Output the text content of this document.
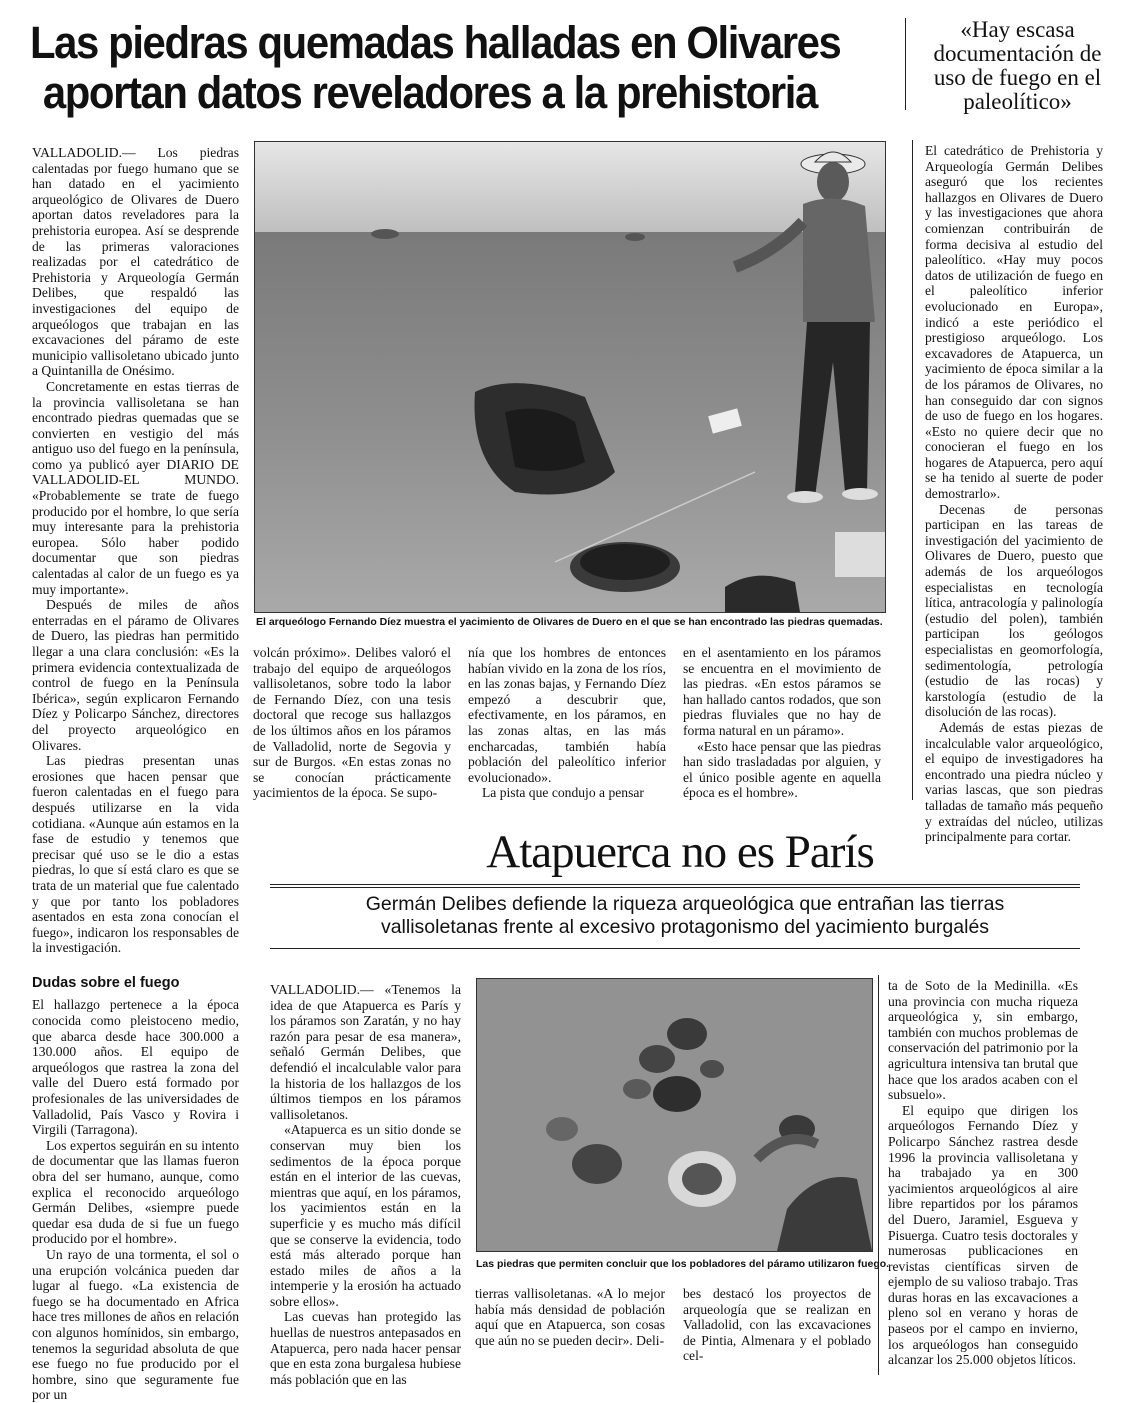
Las piedras quemadas halladas en Olivares
aportan datos reveladores a la prehistoria
«Hay escasa documentación de uso de fuego en el paleolítico»

El catedrático de Prehistoria y Arqueología Germán Delibes aseguró que los recientes hallazgos en Olivares de Duero y las investigaciones que ahora comienzan contribuirán de forma decisiva al estudio del paleolítico. «Hay muy pocos datos de utilización de fuego en el paleolítico inferior evolucionado en Europa», indicó a este periódico el prestigioso arqueólogo. Los excavadores de Atapuerca, un yacimiento de época similar a la de los páramos de Olivares, no han conseguido dar con signos de uso de fuego en los hogares. «Esto no quiere decir que no conocieran el fuego en los hogares de Atapuerca, pero aquí se ha tenido al suerte de poder demostrarlo».

Decenas de personas participan en las tareas de investigación del yacimiento de Olivares de Duero, puesto que además de los arqueólogos especialistas en tecnología lítica, antracología y palinología (estudio del polen), también participan los geólogos especialistas en geomorfología, sedimentología, petrología (estudio de las rocas) y karstología (estudio de la disolución de las rocas).

Además de estas piezas de incalculable valor arqueológico, el equipo de investigadores ha encontrado una piedra núcleo y varias lascas, que son piedras talladas de tamaño más pequeño y extraídas del núcleo, utilizas principalmente para cortar.

VALLADOLID.— Los piedras calentadas por fuego humano que se han datado en el yacimiento arqueológico de Olivares de Duero aportan datos reveladores para la prehistoria europea. Así se desprende de las primeras valoraciones realizadas por el catedrático de Prehistoria y Arqueología Germán Delibes, que respaldó las investigaciones del equipo de arqueólogos que trabajan en las excavaciones del páramo de este municipio vallisoletano ubicado junto a Quintanilla de Onésimo.

Concretamente en estas tierras de la provincia vallisoletana se han encontrado piedras quemadas que se convierten en vestigio del más antiguo uso del fuego en la península, como ya publicó ayer DIARIO DE VALLADOLID-EL MUNDO. «Probablemente se trate de fuego producido por el hombre, lo que sería muy interesante para la prehistoria europea. Sólo haber podido documentar que son piedras calentadas al calor de un fuego es ya muy importante».

Después de miles de años enterradas en el páramo de Olivares de Duero, las piedras han permitido llegar a una clara conclusión: «Es la primera evidencia contextualizada de control de fuego en la Península Ibérica», según explicaron Fernando Díez y Policarpo Sánchez, directores del proyecto arqueológico en Olivares.

Las piedras presentan unas erosiones que hacen pensar que fueron calentadas en el fuego para después utilizarse en la vida cotidiana. «Aunque aún estamos en la fase de estudio y tenemos que precisar qué uso se le dio a estas piedras, lo que sí está claro es que se trata de un material que fue calentado y que por tanto los pobladores asentados en esta zona conocían el fuego», indicaron los responsables de la investigación.

Dudas sobre el fuego

El hallazgo pertenece a la época conocida como pleistoceno medio, que abarca desde hace 300.000 a 130.000 años. El equipo de arqueólogos que rastrea la zona del valle del Duero está formado por profesionales de las universidades de Valladolid, País Vasco y Rovira i Virgili (Tarragona).

Los expertos seguirán en su intento de documentar que las llamas fueron obra del ser humano, aunque, como explica el reconocido arqueólogo Germán Delibes, «siempre puede quedar esa duda de si fue un fuego producido por el hombre».

Un rayo de una tormenta, el sol o una erupción volcánica pueden dar lugar al fuego. «La existencia de fuego se ha documentado en Africa hace tres millones de años en relación con algunos homínidos, sin embargo, tenemos la seguridad absoluta de que ese fuego no fue producido por el hombre, sino que seguramente fue por un

El arqueólogo Fernando Díez muestra el yacimiento de Olivares de Duero en el que se han encontrado las piedras quemadas.

volcán próximo». Delibes valoró el trabajo del equipo de arqueólogos vallisoletanos, sobre todo la labor de Fernando Díez, con una tesis doctoral que recoge sus hallazgos de los últimos años en los páramos de Valladolid, norte de Segovia y sur de Burgos. «En estas zonas no se conocían prácticamente yacimientos de la época. Se supo-

nía que los hombres de entonces habían vivido en la zona de los ríos, en las zonas bajas, y Fernando Díez empezó a descubrir que, efectivamente, en los páramos, en las zonas altas, en las más encharcadas, también había población del paleolítico inferior evolucionado».

La pista que condujo a pensar

en el asentamiento en los páramos se encuentra en el movimiento de las piedras. «En estos páramos se han hallado cantos rodados, que son piedras fluviales que no hay de forma natural en un páramo».

«Esto hace pensar que las piedras han sido trasladadas por alguien, y el único posible agente en aquella época es el hombre».

Atapuerca no es París
Germán Delibes defiende la riqueza arqueológica que entrañan las tierras
vallisoletanas frente al excesivo protagonismo del yacimiento burgalés

VALLADOLID.— «Tenemos la idea de que Atapuerca es París y los páramos son Zaratán, y no hay razón para pesar de esa manera», señaló Germán Delibes, que defendió el incalculable valor para la historia de los hallazgos de los últimos tiempos en los páramos vallisoletanos.

«Atapuerca es un sitio donde se conservan muy bien los sedimentos de la época porque están en el interior de las cuevas, mientras que aquí, en los páramos, los yacimientos están en la superficie y es mucho más difícil que se conserve la evidencia, todo está más alterado porque han estado miles de años a la intemperie y la erosión ha actuado sobre ellos».

Las cuevas han protegido las huellas de nuestros antepasados en Atapuerca, pero nada hacer pensar que en esta zona burgalesa hubiese más población que en las

Las piedras que permiten concluir que los pobladores del páramo utilizaron fuego.

tierras vallisoletanas. «A lo mejor había más densidad de población aquí que en Atapuerca, son cosas que aún no se pueden decir». Deli-

bes destacó los proyectos de arqueología que se realizan en Valladolid, con las excavaciones de Pintia, Almenara y el poblado cel-

ta de Soto de la Medinilla. «Es una provincia con mucha riqueza arqueológica y, sin embargo, también con muchos problemas de conservación del patrimonio por la agricultura intensiva tan brutal que hace que los arados acaben con el subsuelo».

El equipo que dirigen los arqueólogos Fernando Díez y Policarpo Sánchez rastrea desde 1996 la provincia vallisoletana y ha trabajado ya en 300 yacimientos arqueológicos al aire libre repartidos por los páramos del Duero, Jaramiel, Esgueva y Pisuerga. Cuatro tesis doctorales y numerosas publicaciones en revistas científicas sirven de ejemplo de su valioso trabajo. Tras duras horas en las excavaciones a pleno sol en verano y horas de paseos por el campo en invierno, los arqueólogos han conseguido alcanzar los 25.000 objetos líticos.
